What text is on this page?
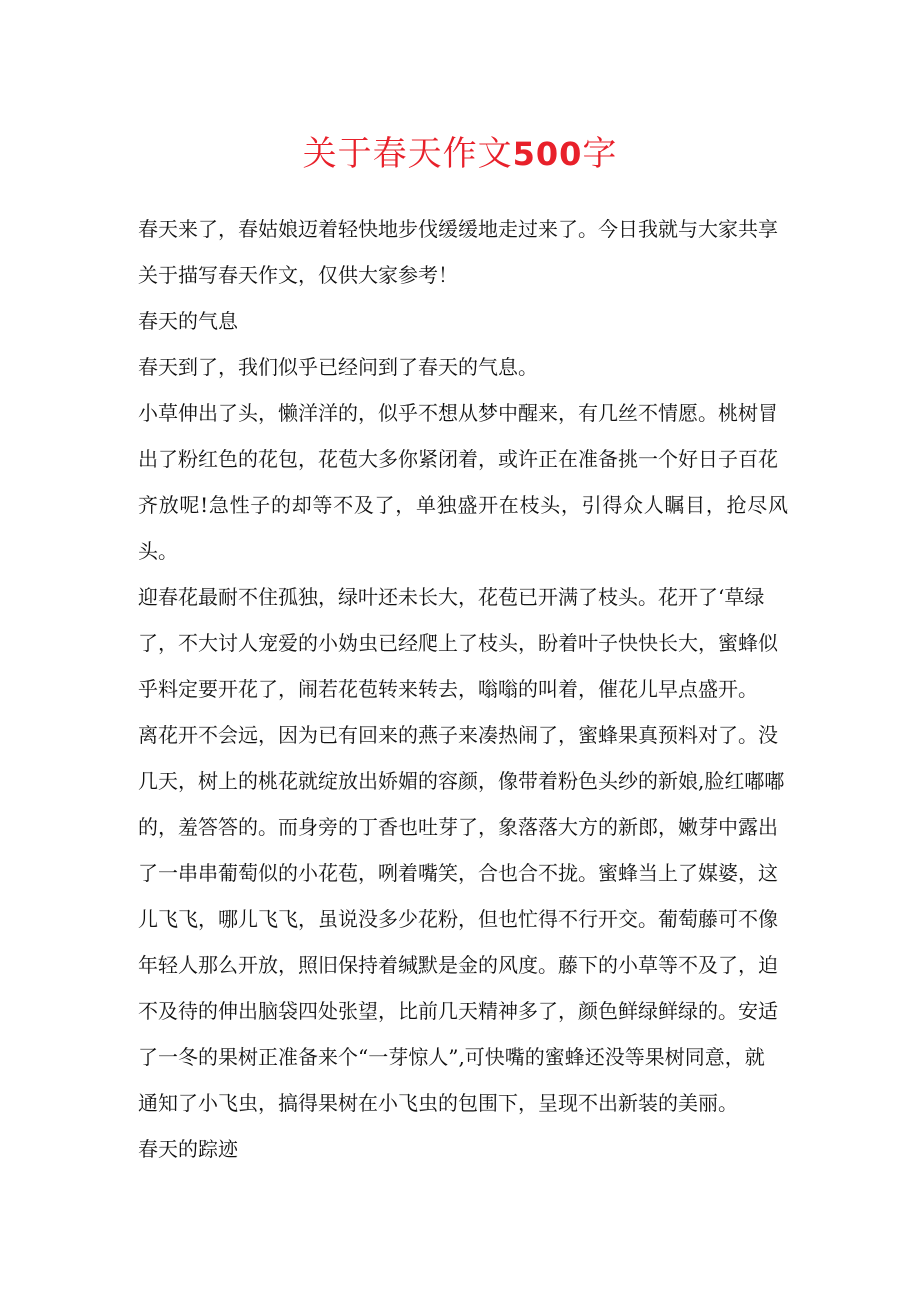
关于春天作文500字

春天来了，春姑娘迈着轻快地步伐缓缓地走过来了。今日我就与大家共享
关于描写春天作文，仅供大家参考！

春天的气息

春天到了，我们似乎已经问到了春天的气息。

小草伸出了头，懒洋洋的，似乎不想从梦中醒来，有几丝不情愿。桃树冒
出了粉红色的花包，花苞大多你紧闭着，或许正在准备挑一个好日子百花
齐放呢!急性子的却等不及了，单独盛开在枝头，引得众人瞩目，抢尽风头。
迎春花最耐不住孤独，绿叶还未长大，花苞已开满了枝头。花开了‘草绿
了，不大讨人宠爱的小妫虫已经爬上了枝头，盼着叶子快快长大，蜜蜂似
乎料定要开花了，闹若花苞转来转去，嗡嗡的叫着，催花儿早点盛开。

离花开不会远，因为已有回来的燕子来凑热闹了，蜜蜂果真预料对了。没
几天，树上的桃花就绽放出娇媚的容颜，像带着粉色头纱的新娘,脸红嘟嘟
的，羞答答的。而身旁的丁香也吐芽了，象落落大方的新郎，嫩芽中露出
了一串串葡萄似的小花苞，咧着嘴笑，合也合不拢。蜜蜂当上了媒婆，这
儿飞飞，哪儿飞飞，虽说没多少花粉，但也忙得不行开交。葡萄藤可不像
年轻人那么开放，照旧保持着缄默是金的风度。藤下的小草等不及了，迫
不及待的伸出脑袋四处张望，比前几天精神多了，颜色鲜绿鲜绿的。安适
了一冬的果树正准备来个“一芽惊人”,可快嘴的蜜蜂还没等果树同意，就
通知了小飞虫，搞得果树在小飞虫的包围下，呈现不出新装的美丽。

春天的踪迹
